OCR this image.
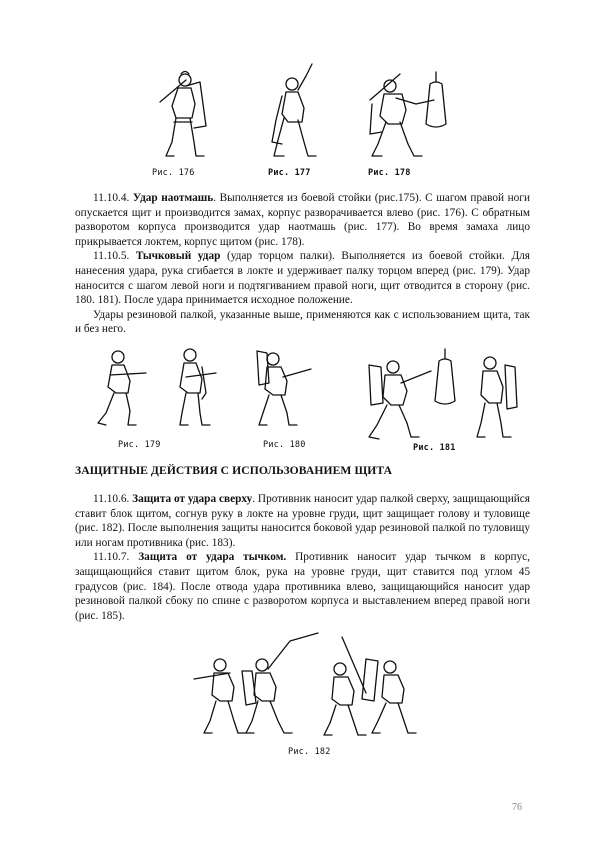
Рис. 176	Рис. 177	Рис. 178

11.10.4. Удар наотмашь. Выполняется из боевой стойки (рис.175). С шагом правой ноги опускается щит и производится замах, корпус разворачивается влево (рис. 176). С обратным разворотом корпуса производится удар наотмашь (рис. 177). Во время замаха лицо прикрывается локтем, корпус щитом (рис. 178).

11.10.5. Тычковый удар (удар торцом палки). Выполняется из боевой стойки. Для нанесения удара, рука сгибается в локте и удерживает палку торцом вперед (рис. 179). Удар наносится с шагом левой ноги и подтягиванием правой ноги, щит отводится в сторону (рис. 180. 181). После удара принимается исходное положение.

Удары резиновой палкой, указанные выше, применяются как с использованием щита, так и без него.

Рис. 179	Рис. 180	Рис. 181
ЗАЩИТНЫЕ ДЕЙСТВИЯ С ИСПОЛЬЗОВАНИЕМ ЩИТА

11.10.6. Защита от удара сверху. Противник наносит удар палкой сверху, защищающийся ставит блок щитом, согнув руку в локте на уровне груди, щит защищает голову и туловище (рис. 182). После выполнения защиты наносится боковой удар резиновой палкой по туловищу или ногам противника (рис. 183).

11.10.7. Защита от удара тычком. Противник наносит удар тычком в корпус, защищающийся ставит щитом блок, рука на уровне груди, щит ставится под углом 45 градусов (рис. 184). После отвода удара противника влево, защищающийся наносит удар резиновой палкой сбоку по спине с разворотом корпуса и выставлением вперед правой ноги (рис. 185).

Рис. 182
76
